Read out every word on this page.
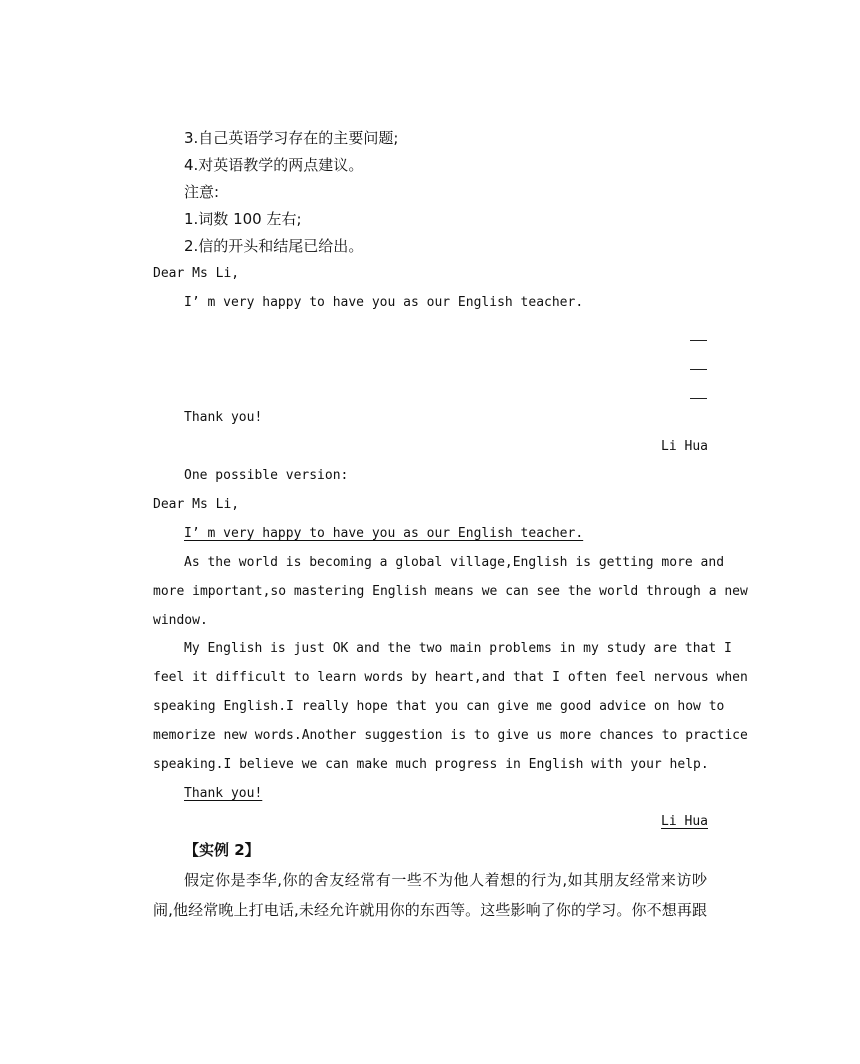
3.自己英语学习存在的主要问题;
4.对英语教学的两点建议。
注意:
1.词数 100 左右;
2.信的开头和结尾已给出。
Dear Ms Li,
I’ m very happy to have you as our English teacher.
Thank you!
Li Hua
One possible version:
Dear Ms Li,
I’ m very happy to have you as our English teacher.
As the world is becoming a global village,English is getting more and
more important,so mastering English means we can see the world through a new
window.
My English is just OK and the two main problems in my study are that I
feel it difficult to learn words by heart,and that I often feel nervous when
speaking English.I really hope that you can give me good advice on how to
memorize new words.Another suggestion is to give us more chances to practice
speaking.I believe we can make much progress in English with your help.
Thank you!
Li Hua
【实例 2】
假定你是李华,你的舍友经常有一些不为他人着想的行为,如其朋友经常来访吵
闹,他经常晚上打电话,未经允许就用你的东西等。这些影响了你的学习。你不想再跟
